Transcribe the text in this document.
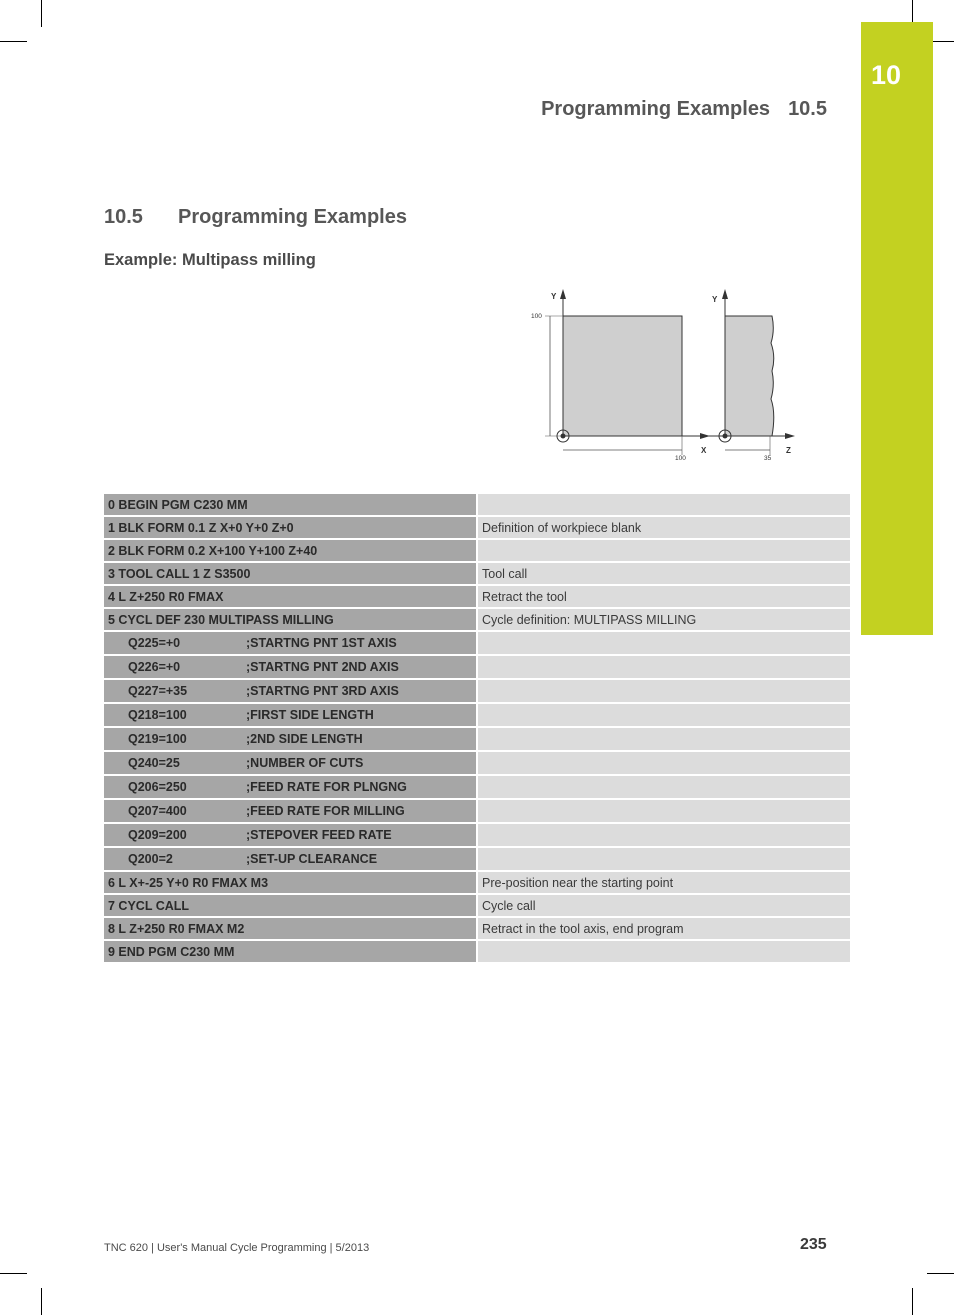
10
Programming Examples 10.5
10.5 Programming Examples
Example: Multipass milling
Y
X
100
100
Y
Z
35
0 BEGIN PGM C230 MM	
1 BLK FORM 0.1 Z X+0 Y+0 Z+0	Definition of workpiece blank
2 BLK FORM 0.2 X+100 Y+100 Z+40	
3 TOOL CALL 1 Z S3500	Tool call
4 L Z+250 R0 FMAX	Retract the tool
5 CYCL DEF 230 MULTIPASS MILLING	Cycle definition: MULTIPASS MILLING
Q225=+0 ;STARTNG PNT 1ST AXIS	
Q226=+0 ;STARTNG PNT 2ND AXIS	
Q227=+35 ;STARTNG PNT 3RD AXIS	
Q218=100 ;FIRST SIDE LENGTH	
Q219=100 ;2ND SIDE LENGTH	
Q240=25 ;NUMBER OF CUTS	
Q206=250 ;FEED RATE FOR PLNGNG	
Q207=400 ;FEED RATE FOR MILLING	
Q209=200 ;STEPOVER FEED RATE	
Q200=2 ;SET-UP CLEARANCE	
6 L X+-25 Y+0 R0 FMAX M3	Pre-position near the starting point
7 CYCL CALL	Cycle call
8 L Z+250 R0 FMAX M2	Retract in the tool axis, end program
9 END PGM C230 MM	
TNC 620 | User's Manual Cycle Programming | 5/2013	235
